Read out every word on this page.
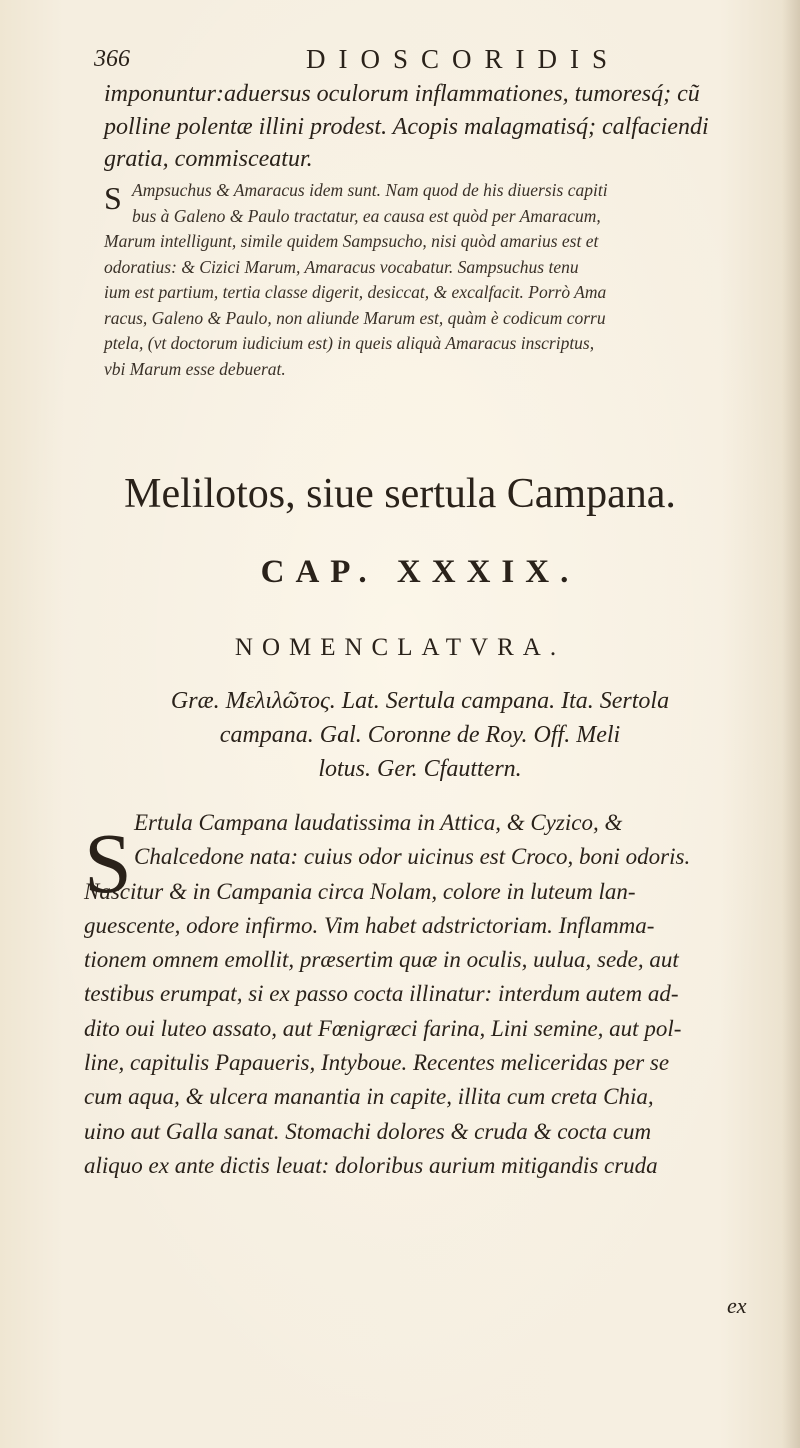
366	DIOSCORIDIS
imponuntur:aduersus oculorum inflammationes, tumoresq́; cũ
polline polentæ illini prodest. Acopis malagmatisq́; calfaciendi
gratia, commisceatur.
S Ampsuchus & Amaracus idem sunt. Nam quod de his diuersis capiti
bus à Galeno & Paulo tractatur, ea causa est quòd per Amaracum,
Marum intelligunt, simile quidem Sampsucho, nisi quòd amarius est et
odoratius: & Cizici Marum, Amaracus vocabatur. Sampsuchus tenu
ium est partium, tertia classe digerit, desiccat, & excalfacit. Porrò Ama
racus, Galeno & Paulo, non aliunde Marum est, quàm è codicum corru
ptela, (vt doctorum iudicium est) in queis aliquà Amaracus inscriptus,
vbi Marum esse debuerat.
Melilotos, siue sertula Campana.
CAP. XXXIX.
NOMENCLATVRA.
Græ. Μελιλῶτος. Lat. Sertula campana. Ita. Sertola
campana. Gal. Coronne de Roy. Off. Meli
lotus. Ger. Cfauttern.
S Ertula Campana laudatissima in Attica, & Cyzico, &
Chalcedone nata: cuius odor uicinus est Croco, boni odoris.
Nascitur & in Campania circa Nolam, colore in luteum lan-
guescente, odore infirmo. Vim habet adstrictoriam. Inflamma-
tionem omnem emollit, præsertim quæ in oculis, uulua, sede, aut
testibus erumpat, si ex passo cocta illinatur: interdum autem ad-
dito oui luteo assato, aut Fœnigræci farina, Lini semine, aut pol-
line, capitulis Papaueris, Intyboue. Recentes meliceridas per se
cum aqua, & ulcera manantia in capite, illita cum creta Chia,
uino aut Galla sanat. Stomachi dolores & cruda & cocta cum
aliquo ex ante dictis leuat: doloribus aurium mitigandis cruda
ex
